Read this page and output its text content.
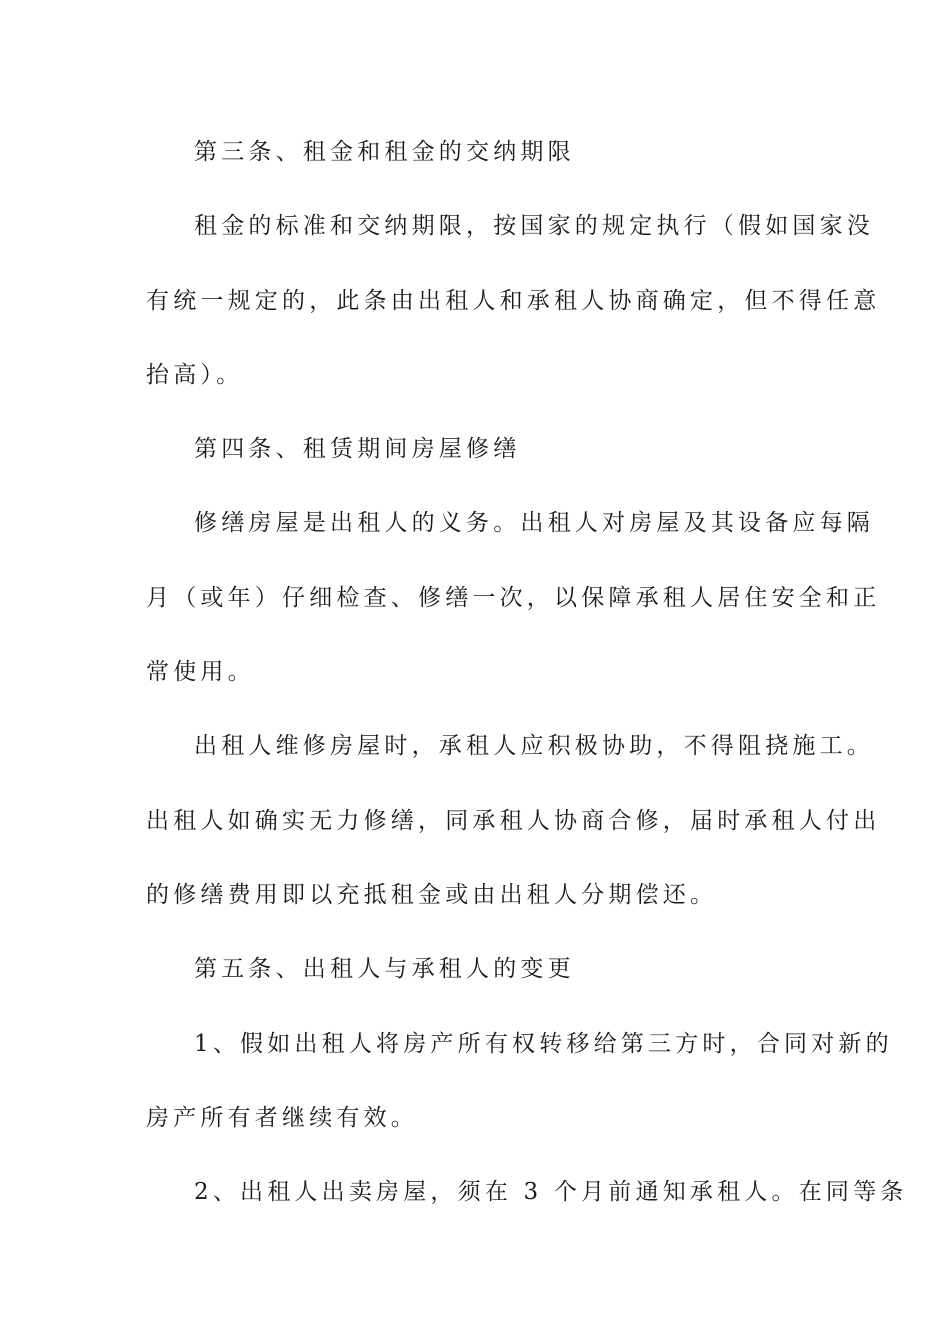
第三条、租金和租金的交纳期限
租金的标准和交纳期限，按国家的规定执行（假如国家没
有统一规定的，此条由出租人和承租人协商确定，但不得任意
抬高）。
第四条、租赁期间房屋修缮
修缮房屋是出租人的义务。出租人对房屋及其设备应每隔
月（或年）仔细检查、修缮一次，以保障承租人居住安全和正
常使用。
出租人维修房屋时，承租人应积极协助，不得阻挠施工。
出租人如确实无力修缮，同承租人协商合修，届时承租人付出
的修缮费用即以充抵租金或由出租人分期偿还。
第五条、出租人与承租人的变更
1、假如出租人将房产所有权转移给第三方时，合同对新的
房产所有者继续有效。
2、出租人出卖房屋，须在 3 个月前通知承租人。在同等条
